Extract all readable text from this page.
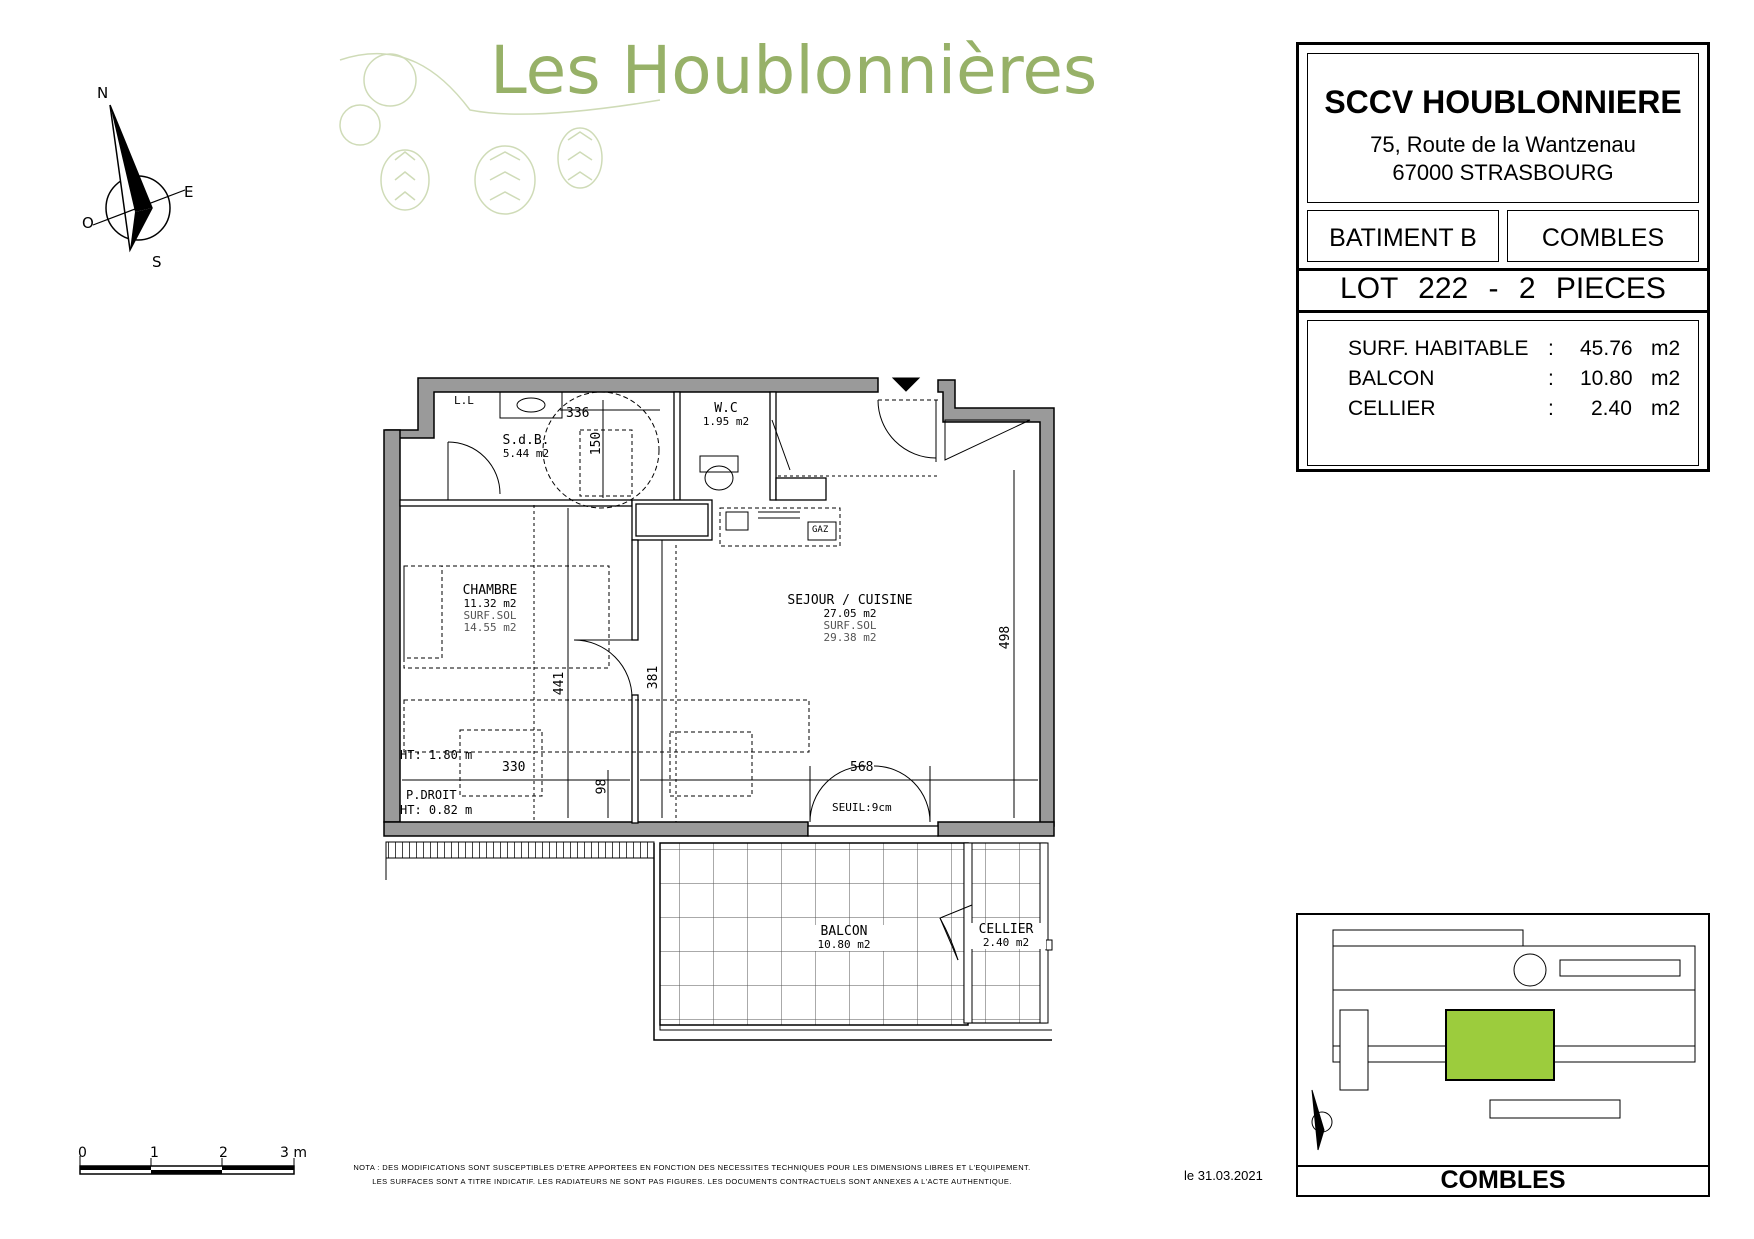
Les Houblonnières
N
E
S
O
0	1	2	3 m
SCCV HOUBLONNIERE
75, Route de la Wantzenau
67000 STRASBOURG
BATIMENT B	COMBLES
LOT 222 - 2 PIECES
SURF. HABITABLE : 45.76 m2
BALCON	: 10.80 m2
CELLIER	: 2.40 m2
S.d.B.
5.44 m2
W.C
1.95 m2
CHAMBRE
11.32 m2
SURF.SOL
14.55 m2
SEJOUR / CUISINE
27.05 m2
SURF.SOL
29.38 m2
BALCON
10.80 m2
CELLIER
2.40 m2
L.L
GAZ
HT: 1.80 m
P.DROIT
HT: 0.82 m	SEUIL:9cm
336
150
441	381
498
330	568
98
NOTA : DES MODIFICATIONS SONT SUSCEPTIBLES D'ETRE APPORTEES EN FONCTION DES NECESSITES TECHNIQUES POUR LES DIMENSIONS LIBRES ET L'EQUIPEMENT.
LES SURFACES SONT A TITRE INDICATIF. LES RADIATEURS NE SONT PAS FIGURES. LES DOCUMENTS CONTRACTUELS SONT ANNEXES A L'ACTE AUTHENTIQUE.	le 31.03.2021	COMBLES
